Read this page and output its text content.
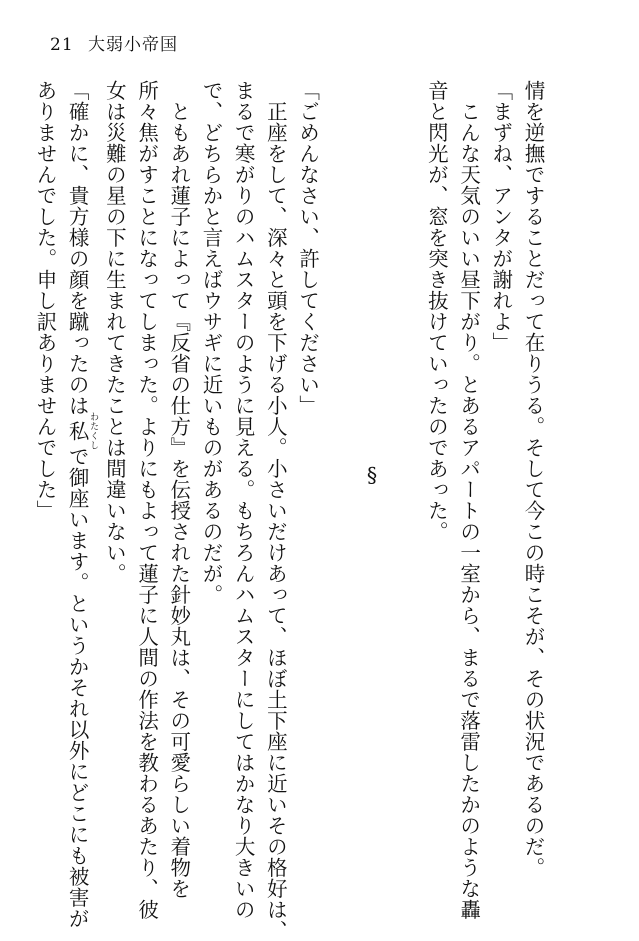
21 大弱小帝国
情を逆撫ですることだって在りうる。そして今この時こそが、その状況であるのだ。
「まずね、アンタが謝れよ」
　こんな天気のいい昼下がり。とあるアパートの一室から、まるで落雷したかのような轟
音と閃光が、窓を突き抜けていったのであった。
§
「ごめんなさい、許してください」
　正座をして、深々と頭を下げる小人。小さいだけあって、ほぼ土下座に近いその格好は、
まるで寒がりのハムスターのように見える。もちろんハムスターにしてはかなり大きいの
で、どちらかと言えばウサギに近いものがあるのだが。
　ともあれ蓮子によって『反省の仕方』を伝授された針妙丸は、その可愛らしい着物を
所々焦がすことになってしまった。よりにもよって蓮子に人間の作法を教わるあたり、彼
女は災難の星の下に生まれてきたことは間違いない。
「確かに、貴方様の顔を蹴ったのは私 わたくしで御座います。というかそれ以外にどこにも被害が
ありませんでした。申し訳ありませんでした」
